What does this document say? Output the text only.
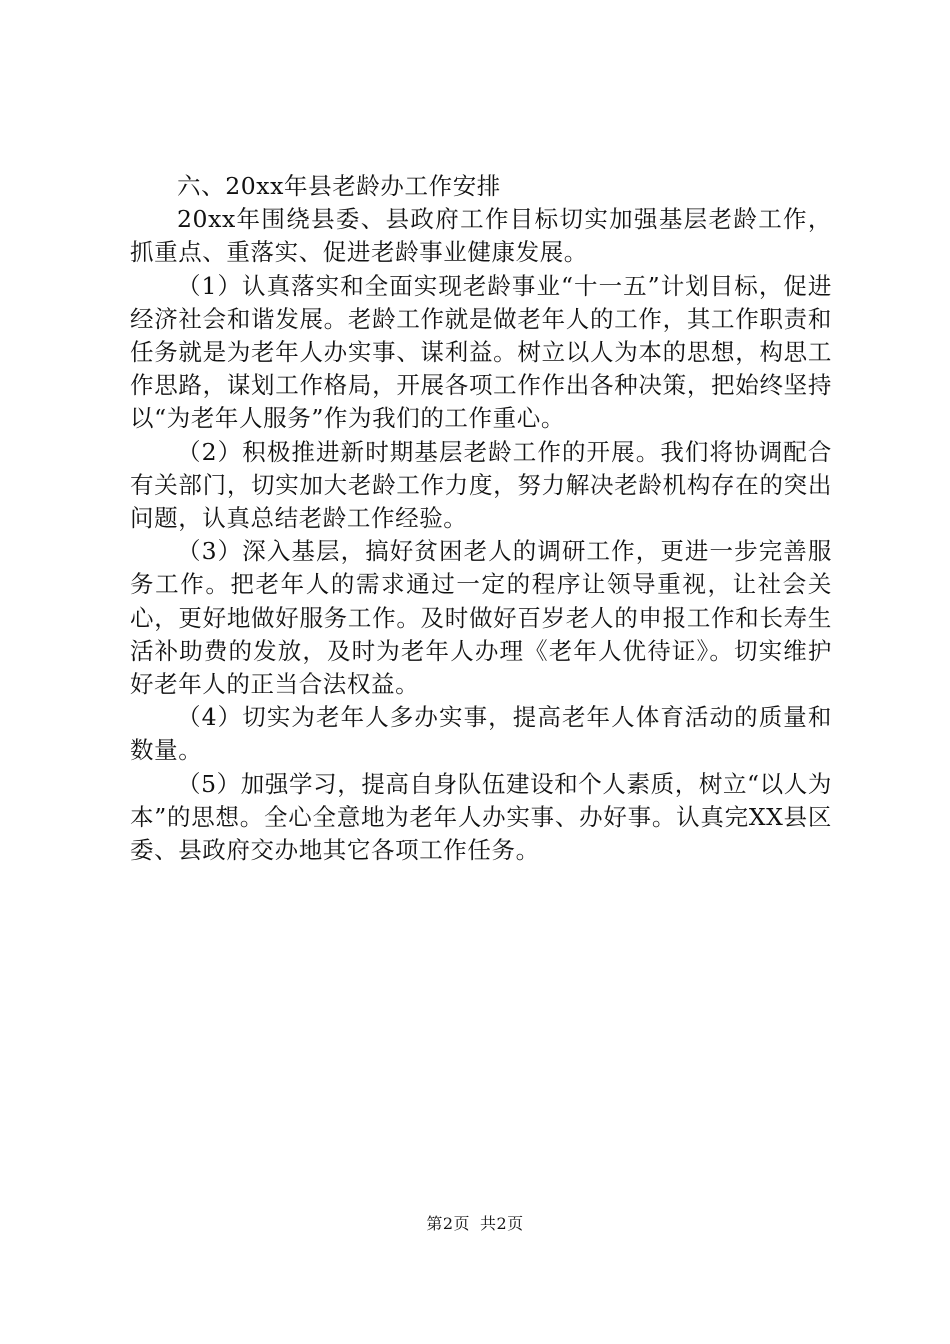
六、20xx年县老龄办工作安排

20xx年围绕县委、县政府工作目标切实加强基层老龄工作，抓重点、重落实、促进老龄事业健康发展。

（1）认真落实和全面实现老龄事业“十一五”计划目标，促进经济社会和谐发展。老龄工作就是做老年人的工作，其工作职责和任务就是为老年人办实事、谋利益。树立以人为本的思想，构思工作思路，谋划工作格局，开展各项工作作出各种决策，把始终坚持以“为老年人服务”作为我们的工作重心。

（2）积极推进新时期基层老龄工作的开展。我们将协调配合有关部门，切实加大老龄工作力度，努力解决老龄机构存在的突出问题，认真总结老龄工作经验。

（3）深入基层，搞好贫困老人的调研工作，更进一步完善服务工作。把老年人的需求通过一定的程序让领导重视，让社会关心，更好地做好服务工作。及时做好百岁老人的申报工作和长寿生活补助费的发放，及时为老年人办理《老年人优待证》。切实维护好老年人的正当合法权益。

（4）切实为老年人多办实事，提高老年人体育活动的质量和数量。

（5）加强学习，提高自身队伍建设和个人素质，树立“以人为本”的思想。全心全意地为老年人办实事、办好事。认真完XX县区委、县政府交办地其它各项工作任务。

第2页 共2页
